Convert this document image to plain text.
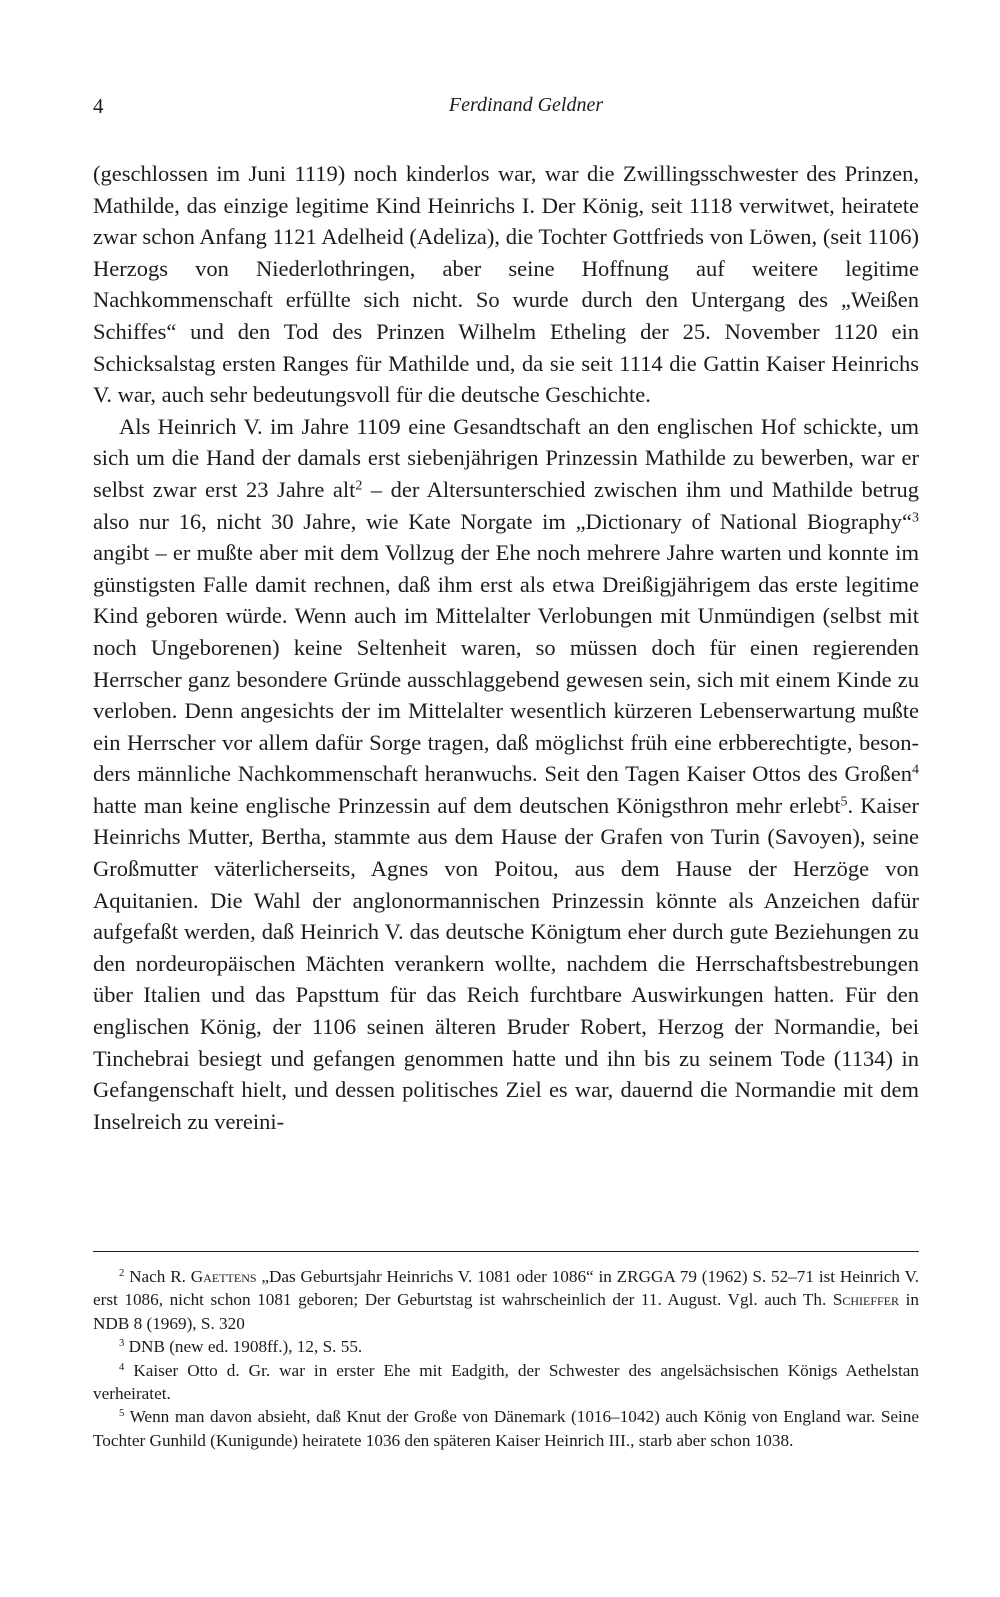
4	Ferdinand Geldner

(geschlossen im Juni 1119) noch kinderlos war, war die Zwillingsschwester des Prinzen, Mathilde, das einzige legitime Kind Heinrichs I. Der König, seit 1118 verwitwet, heiratete zwar schon Anfang 1121 Adelheid (Adeliza), die Tochter Gottfrieds von Löwen, (seit 1106) Herzogs von Niederlothringen, aber seine Hoffnung auf weitere legitime Nachkommenschaft erfüllte sich nicht. So wurde durch den Untergang des „Weißen Schiffes“ und den Tod des Prinzen Wilhelm Etheling der 25. November 1120 ein Schicksalstag ersten Ranges für Mathilde und, da sie seit 1114 die Gattin Kaiser Heinrichs V. war, auch sehr bedeutungsvoll für die deutsche Geschichte.

Als Heinrich V. im Jahre 1109 eine Gesandtschaft an den englischen Hof schickte, um sich um die Hand der damals erst siebenjährigen Prinzessin Mathilde zu bewerben, war er selbst zwar erst 23 Jahre alt$^2$ – der Altersunterschied zwischen ihm und Mathilde betrug also nur 16, nicht 30 Jahre, wie Kate Norgate im „Dictionary of National Biography“$^3$ angibt – er mußte aber mit dem Vollzug der Ehe noch mehrere Jahre warten und konnte im günstigsten Falle damit rechnen, daß ihm erst als etwa Dreißigjährigem das erste legitime Kind geboren würde. Wenn auch im Mittelalter Verlobungen mit Unmündigen (selbst mit noch Ungeborenen) keine Seltenheit waren, so müssen doch für einen regierenden Herrscher ganz besondere Gründe ausschlaggebend gewesen sein, sich mit einem Kinde zu verloben. Denn angesichts der im Mittelalter wesentlich kürzeren Lebenserwartung mußte ein Herrscher vor allem dafür Sorge tragen, daß möglichst früh eine erbberechtigte, besonders männliche Nachkommenschaft heranwuchs. Seit den Tagen Kaiser Ottos des Großen$^4$ hatte man keine englische Prinzessin auf dem deutschen Königsthron mehr erlebt$^5$. Kaiser Heinrichs Mutter, Bertha, stammte aus dem Hause der Grafen von Turin (Savoyen), seine Großmutter väterlicherseits, Agnes von Poitou, aus dem Hause der Herzöge von Aquitanien. Die Wahl der anglonormannischen Prinzessin könnte als Anzeichen dafür aufgefaßt werden, daß Heinrich V. das deutsche Königtum eher durch gute Beziehungen zu den nordeuropäischen Mächten verankern wollte, nachdem die Herrschaftsbestrebungen über Italien und das Papsttum für das Reich furchtbare Auswirkungen hatten. Für den englischen König, der 1106 seinen älteren Bruder Robert, Herzog der Normandie, bei Tinchebrai besiegt und gefangen genommen hatte und ihn bis zu seinem Tode (1134) in Gefangenschaft hielt, und dessen politisches Ziel es war, dauernd die Normandie mit dem Inselreich zu vereini-

$^2$ Nach R. Gaettens „Das Geburtsjahr Heinrichs V. 1081 oder 1086“ in ZRGGA 79 (1962) S. 52–71 ist Heinrich V. erst 1086, nicht schon 1081 geboren; Der Geburtstag ist wahrscheinlich der 11. August. Vgl. auch Th. Schieffer in NDB 8 (1969), S. 320

$^3$ DNB (new ed. 1908ff.), 12, S. 55.

$^4$ Kaiser Otto d. Gr. war in erster Ehe mit Eadgith, der Schwester des angelsächsischen Königs Aethelstan verheiratet.

$^5$ Wenn man davon absieht, daß Knut der Große von Dänemark (1016–1042) auch König von England war. Seine Tochter Gunhild (Kunigunde) heiratete 1036 den späteren Kaiser Heinrich III., starb aber schon 1038.
